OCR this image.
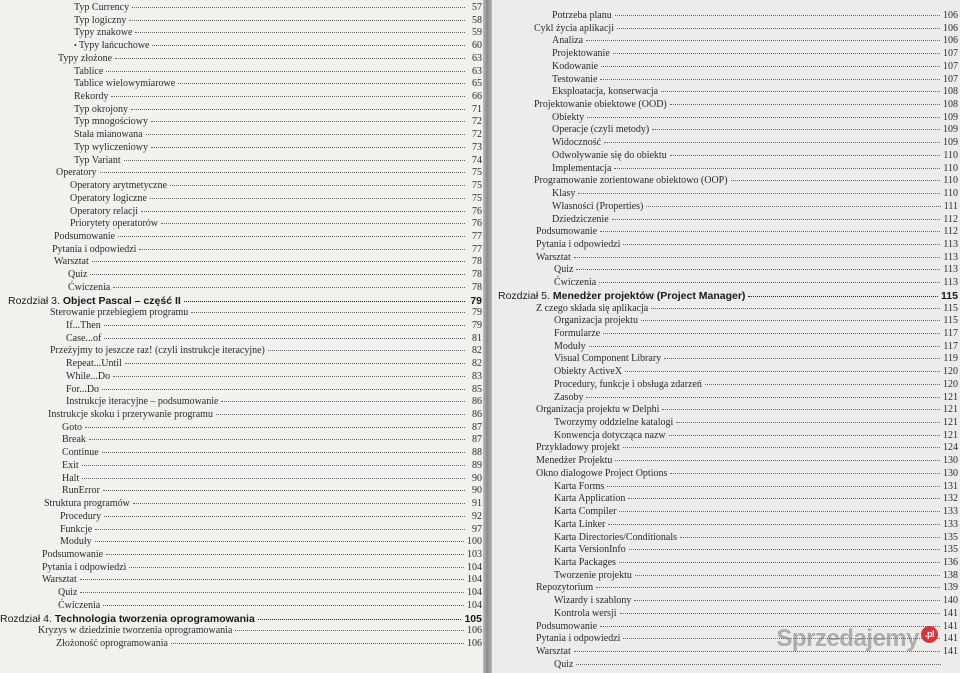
Typ Currency	57
Typ logiczny	58
Typy znakowe	59
• Typy łańcuchowe	60
Typy złożone	63
Tablice	63
Tablice wielowymiarowe	65
Rekordy	66
Typ okrojony	71
Typ mnogościowy	72
Stała mianowana	72
Typ wyliczeniowy	73
Typ Variant	74
Operatory	75
Operatory arytmetyczne	75
Operatory logiczne	75
Operatory relacji	76
Priorytety operatorów	76
Podsumowanie	77
Pytania i odpowiedzi	77
Warsztat	78
Quiz	78
Ćwiczenia	78
Rozdział 3. Object Pascal – część II	79
Sterowanie przebiegiem programu	79
If...Then	79
Case...of	81
Przeżyjmy to jeszcze raz! (czyli instrukcje iteracyjne)	82
Repeat...Until	82
While...Do	83
For...Do	85
Instrukcje iteracyjne – podsumowanie	86
Instrukcje skoku i przerywanie programu	86
Goto	87
Break	87
Continue	88
Exit	89
Halt	90
RunError	90
Struktura programów	91
Procedury	92
Funkcje	97
Moduły	100
Podsumowanie	103
Pytania i odpowiedzi	104
Warsztat	104
Quiz	104
Ćwiczenia	104
Rozdział 4. Technologia tworzenia oprogramowania	105
Kryzys w dziedzinie tworzenia oprogramowania	106
Złożoność oprogramowania	106
Potrzeba planu	106
Cykl życia aplikacji	106
Analiza	106
Projektowanie	107
Kodowanie	107
Testowanie	107
Eksploatacja, konserwacja	108
Projektowanie obiektowe (OOD)	108
Obiekty	109
Operacje (czyli metody)	109
Widoczność	109
Odwoływanie się do obiektu	110
Implementacja	110
Programowanie zorientowane obiektowo (OOP)	110
Klasy	110
Własności (Properties)	111
Dziedziczenie	112
Podsumowanie	112
Pytania i odpowiedzi	113
Warsztat	113
Quiz	113
Ćwiczenia	113
Rozdział 5. Menedżer projektów (Project Manager)	115
Z czego składa się aplikacja	115
Organizacja projektu	115
Formularze	117
Moduły	117
Visual Component Library	119
Obiekty ActiveX	120
Procedury, funkcje i obsługa zdarzeń	120
Zasoby	121
Organizacja projektu w Delphi	121
Tworzymy oddzielne katalogi	121
Konwencja dotycząca nazw	121
Przykładowy projekt	124
Menedżer Projektu	130
Okno dialogowe Project Options	130
Karta Forms	131
Karta Application	132
Karta Compiler	133
Karta Linker	133
Karta Directories/Conditionals	135
Karta VersionInfo	135
Karta Packages	136
Tworzenie projektu	138
Repozytorium	139
Wizardy i szablony	140
Kontrola wersji	141
Podsumowanie	141
Pytania i odpowiedzi	141
Warsztat	141
Quiz
Sprzedajemy .pl
